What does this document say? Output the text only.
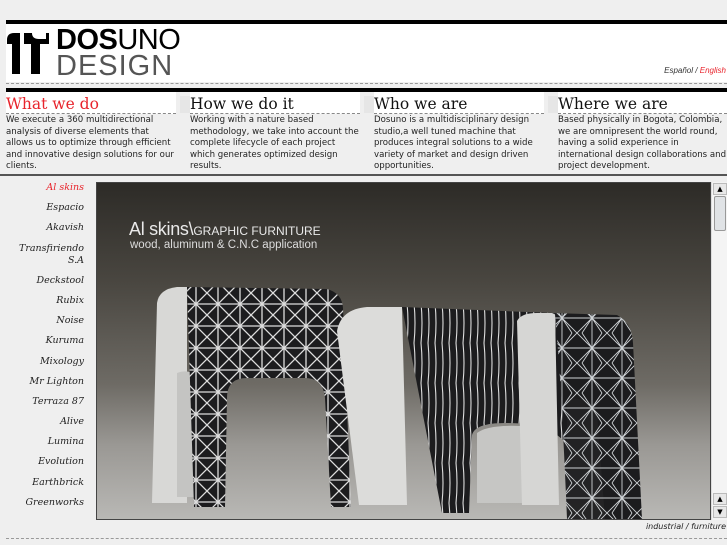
DOSUNO
DESIGN	Español / English
What we do
We execute a 360 multidirectional analysis of diverse elements that allows us to optimize through efficient and innovative design solutions for our clients.
How we do it
Working with a nature based methodology, we take into account the complete lifecycle of each project which generates optimized design results.
Who we are
Dosuno is a multidisciplinary design studio,a well tuned machine that produces integral solutions to a wide variety of market and design driven opportunities.
Where we are
Based physically in Bogota, Colombia, we are omnipresent the world round, having a solid experience in international design collaborations and project development.
Al skins
Espacio
Akavish
Transfiriendo S.A
Deckstool
Rubix
Noise
Kuruma
Mixology
Mr Lighton
Terraza 87
Alive
Lumina
Evolution
Earthbrick
Greenworks
Al skins\GRAPHIC FURNITURE
wood, aluminum & C.N.C application
▲
▲
▼
industrial / furniture
